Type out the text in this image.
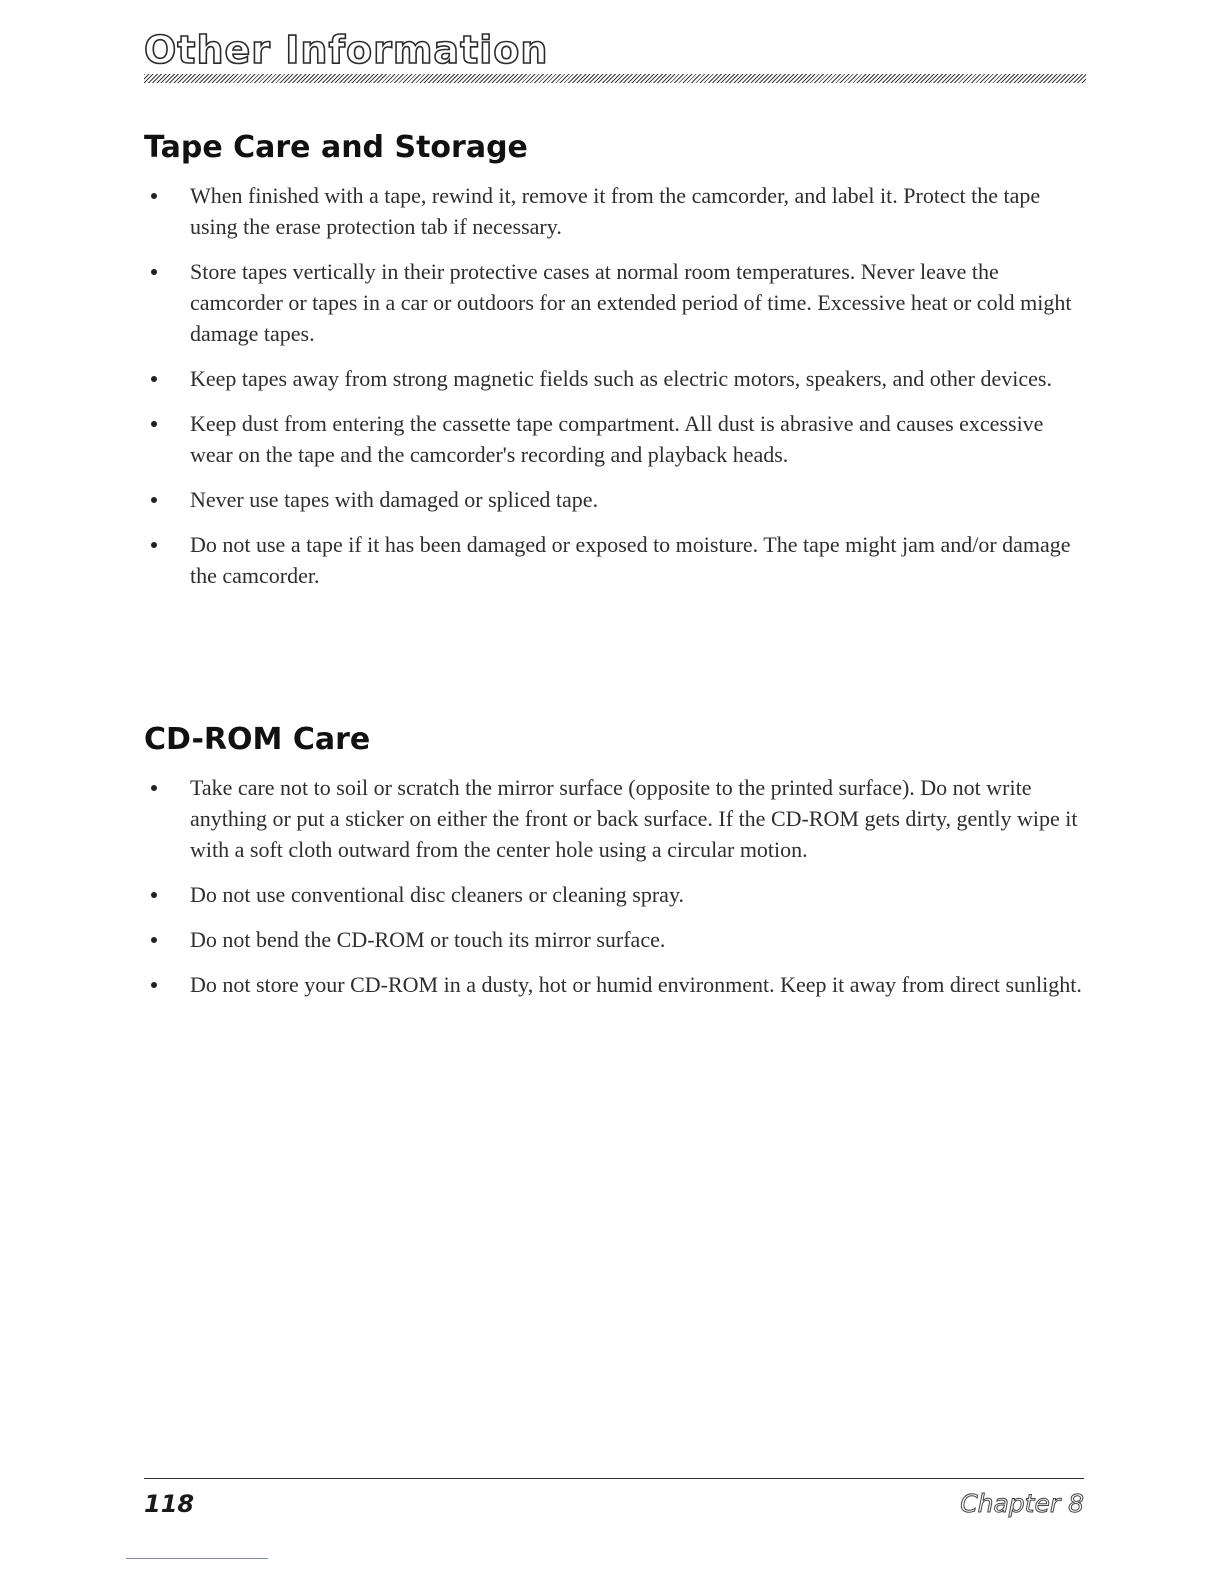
Other Information
Tape Care and Storage
When finished with a tape, rewind it, remove it from the camcorder, and label it. Protect the tape using the erase protection tab if necessary.
Store tapes vertically in their protective cases at normal room temperatures. Never leave the camcorder or tapes in a car or outdoors for an extended period of time. Excessive heat or cold might damage tapes.
Keep tapes away from strong magnetic fields such as electric motors, speakers, and other devices.
Keep dust from entering the cassette tape compartment. All dust is abrasive and causes excessive wear on the tape and the camcorder's recording and playback heads.
Never use tapes with damaged or spliced tape.
Do not use a tape if it has been damaged or exposed to moisture. The tape might jam and/or damage the camcorder.
CD-ROM Care
Take care not to soil or scratch the mirror surface (opposite to the printed surface). Do not write anything or put a sticker on either the front or back surface. If the CD-ROM gets dirty, gently wipe it with a soft cloth outward from the center hole using a circular motion.
Do not use conventional disc cleaners or cleaning spray.
Do not bend the CD-ROM or touch its mirror surface.
Do not store your CD-ROM in a dusty, hot or humid environment. Keep it away from direct sunlight.
118	Chapter 8
